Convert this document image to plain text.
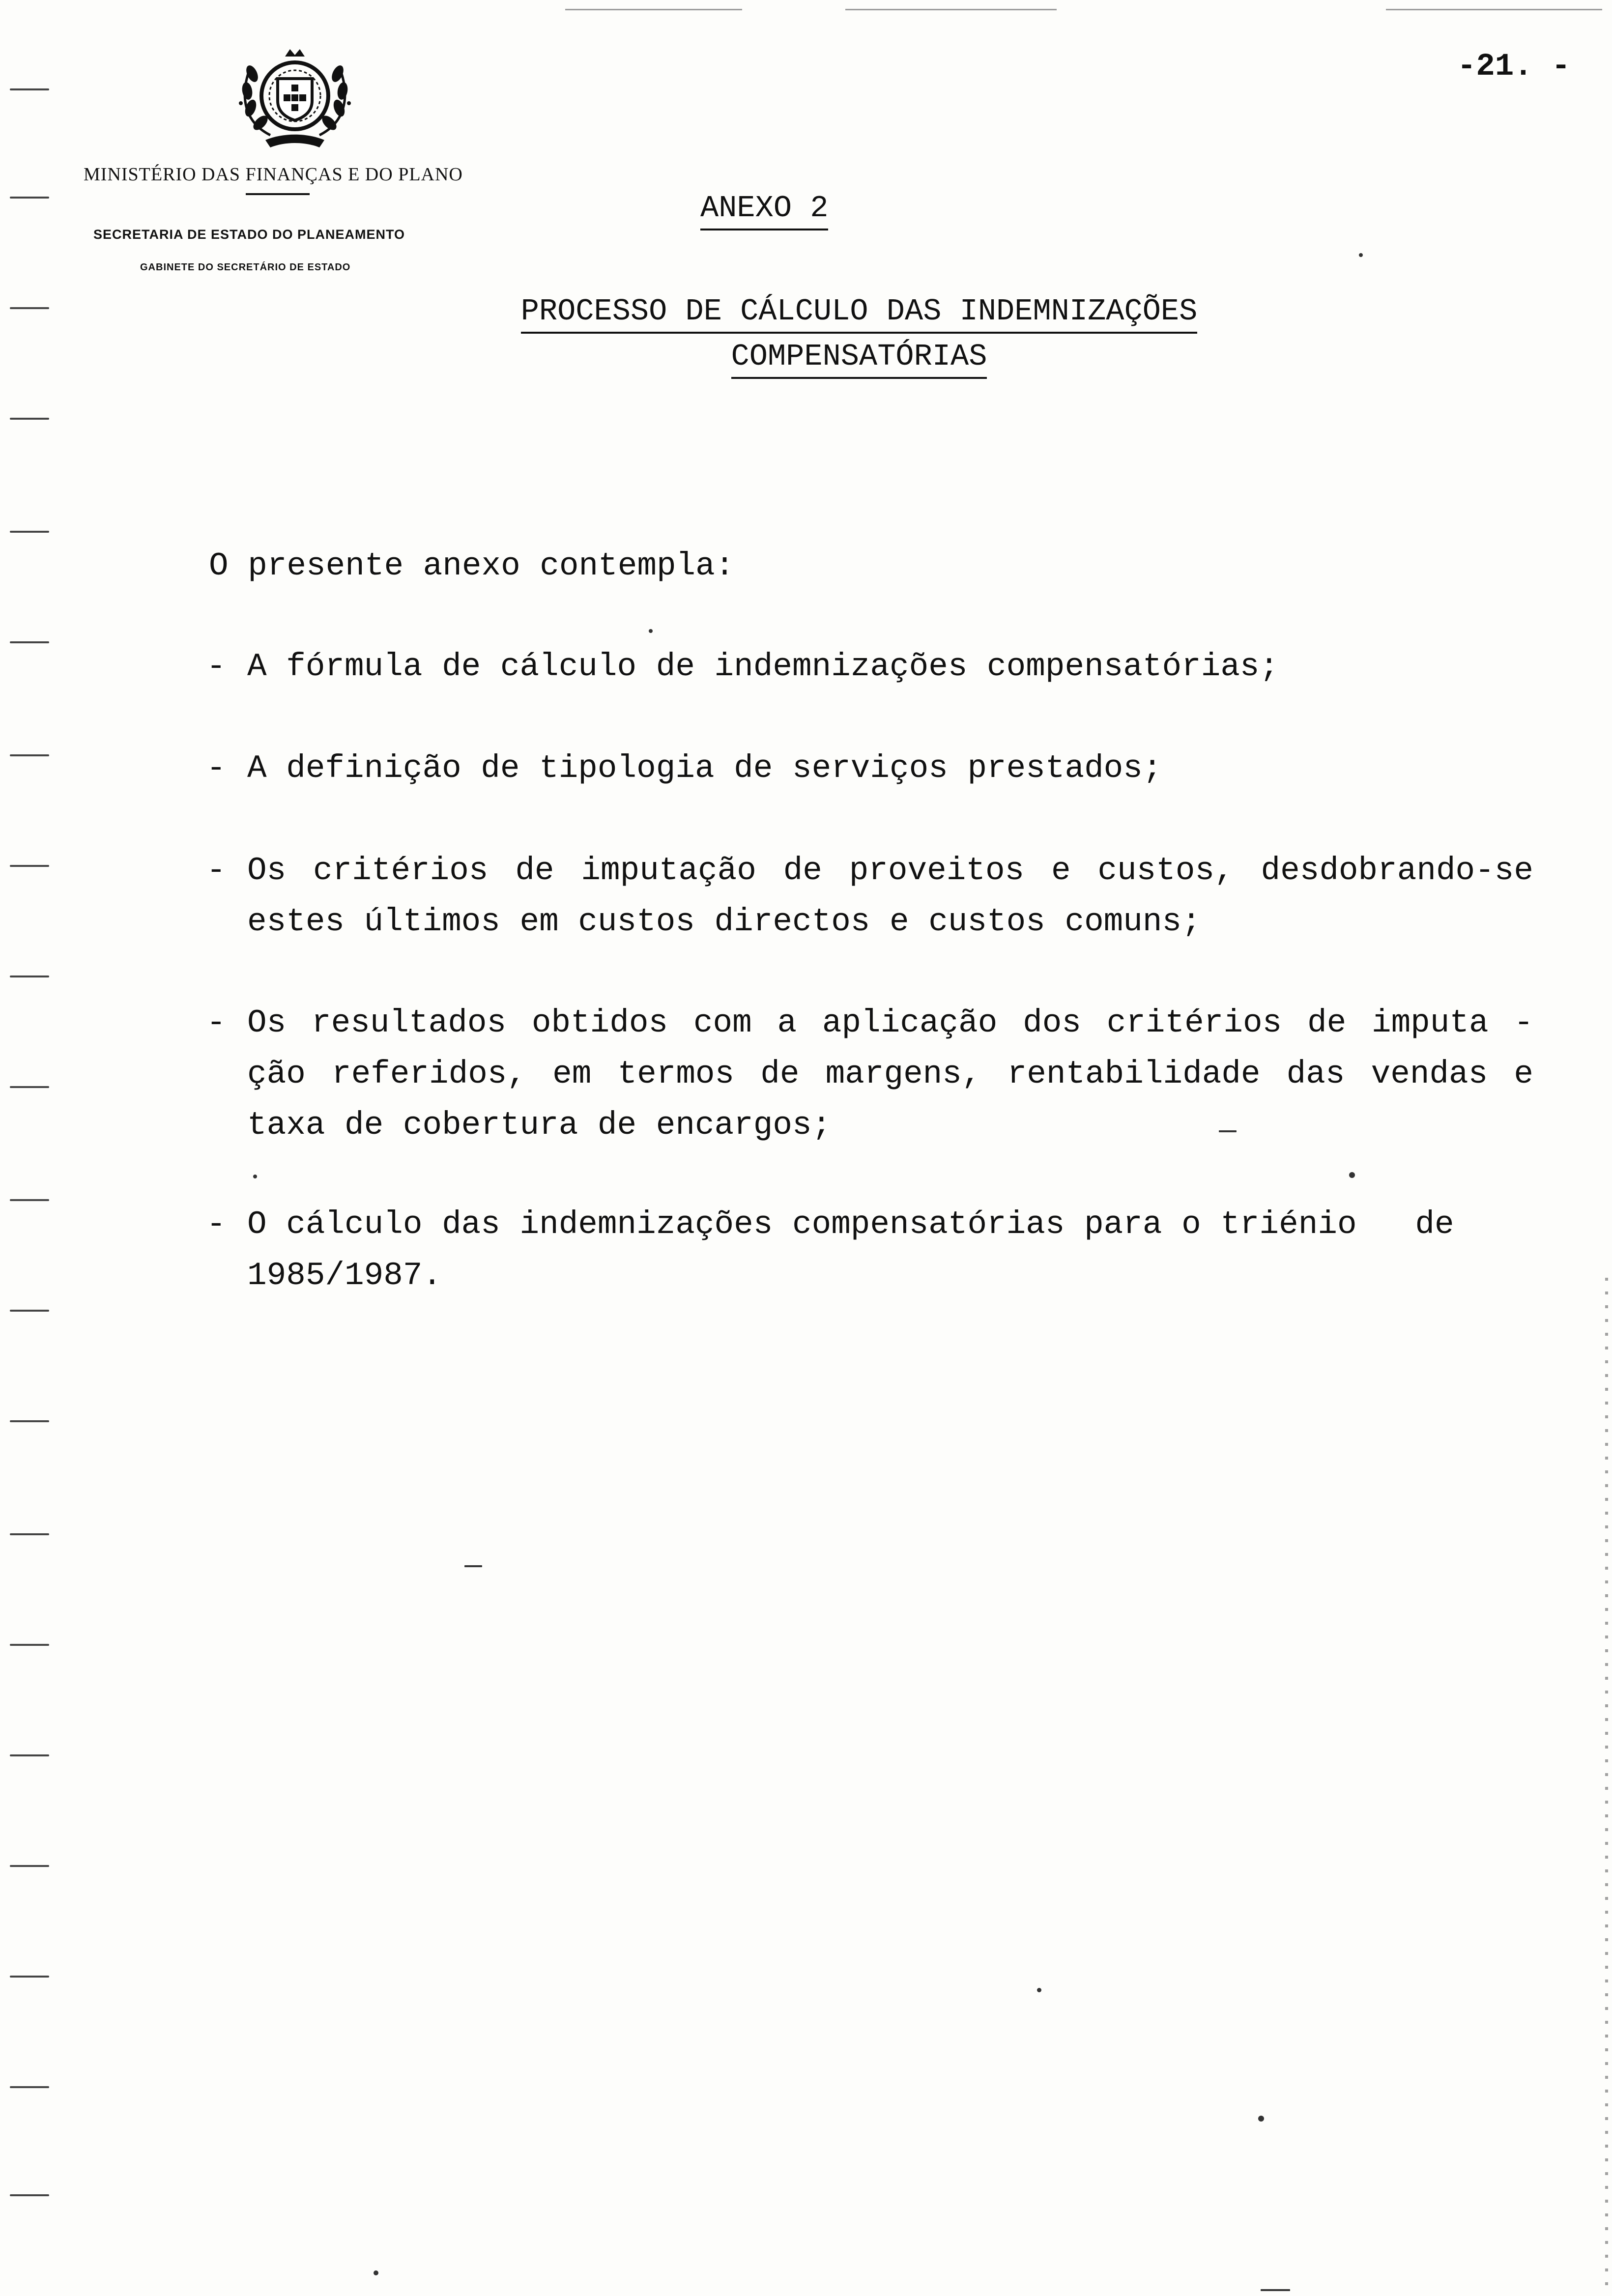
-21. -
MINISTÉRIO DAS FINANÇAS E DO PLANO
SECRETARIA DE ESTADO DO PLANEAMENTO
GABINETE DO SECRETÁRIO DE ESTADO
ANEXO 2
PROCESSO DE CÁLCULO DAS INDEMNIZAÇÕES
COMPENSATÓRIAS
O presente anexo contempla:
- A fórmula de cálculo de indemnizações compensatórias;
- A definição de tipologia de serviços prestados;
- Os critérios de imputação de proveitos e custos, desdobrando-se
estes últimos em custos directos e custos comuns;
- Os resultados obtidos com a aplicação dos critérios de imputa -
ção referidos, em termos de margens, rentabilidade das vendas e
taxa de cobertura de encargos;
- O cálculo das indemnizações compensatórias para o triénio   de
1985/1987.
